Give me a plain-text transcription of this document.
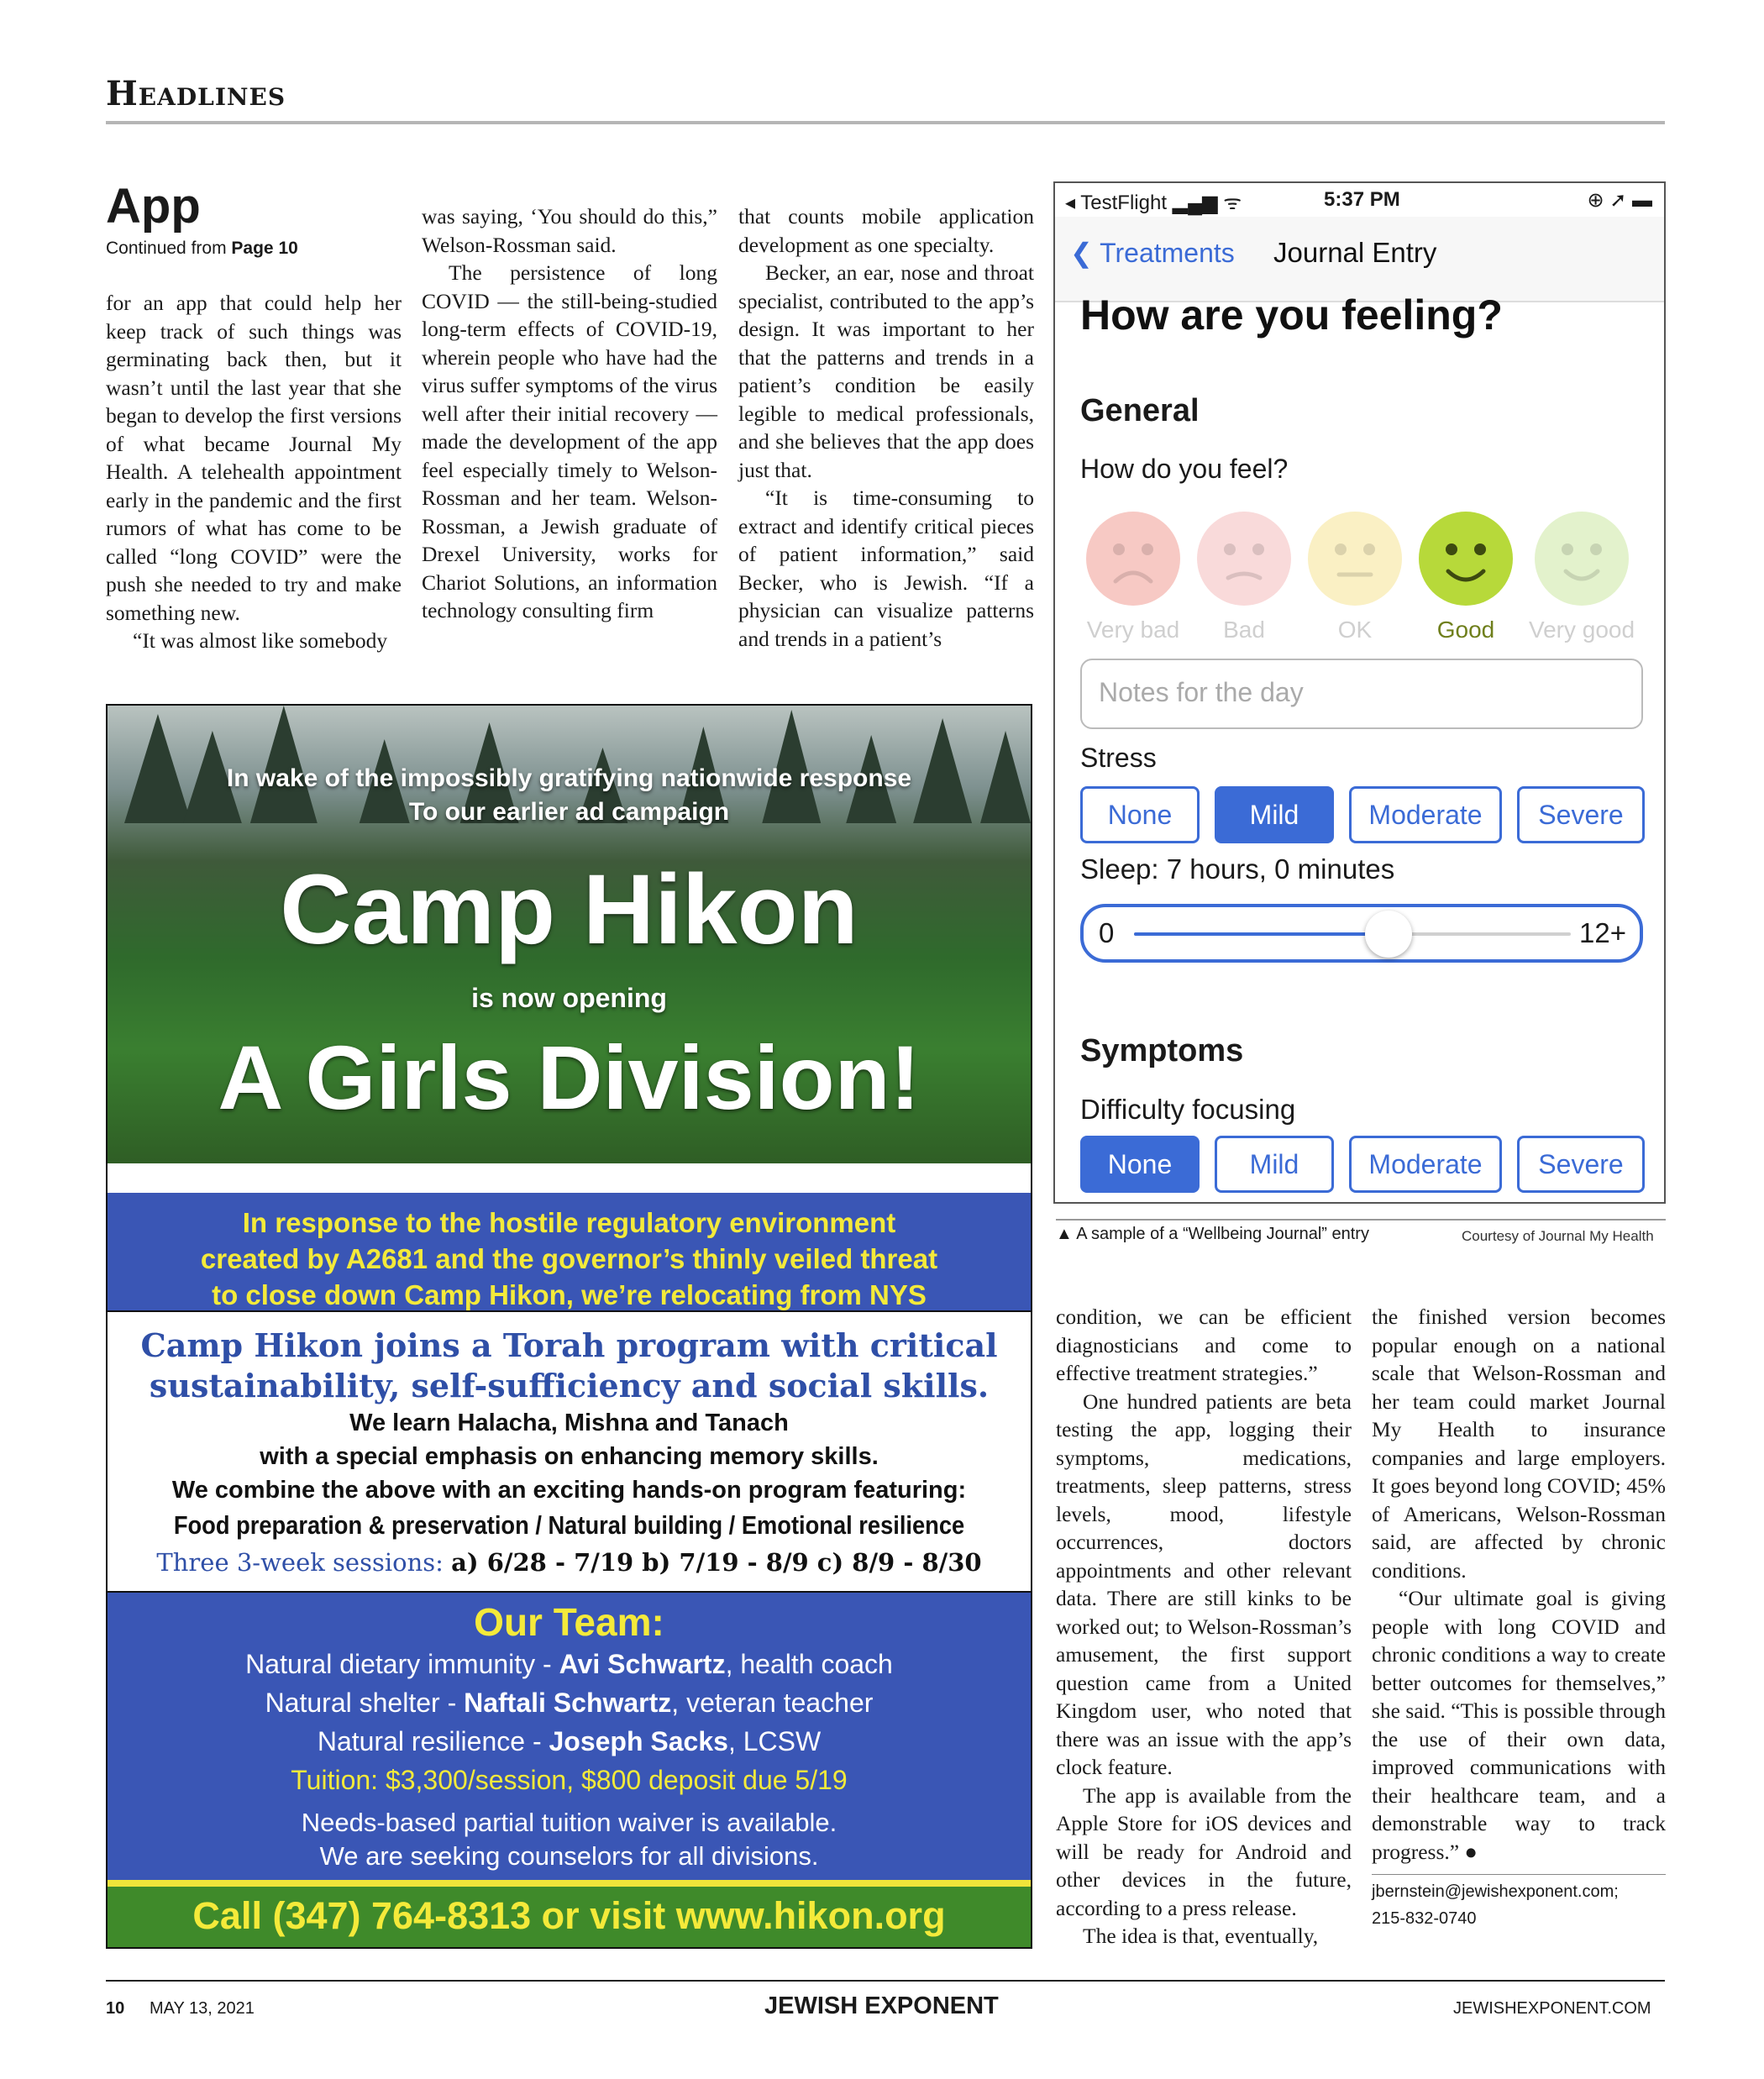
Headlines
App
Continued from Page 10

for an app that could help her keep track of such things was germinating back then, but it wasn’t until the last year that she began to develop the first versions of what became Journal My Health. A telehealth appointment early in the pandemic and the first rumors of what has come to be called “long COVID” were the push she needed to try and make something new.

“It was almost like somebody

was saying, ‘You should do this,” Welson-Rossman said.

The persistence of long COVID — the still-being-studied long-term effects of COVID-19, wherein people who have had the virus suffer symptoms of the virus well after their initial recovery — made the development of the app feel especially timely to Welson-Rossman and her team. Welson-Rossman, a Jewish graduate of Drexel University, works for Chariot Solutions, an information technology consulting firm

that counts mobile application development as one specialty.

Becker, an ear, nose and throat specialist, contributed to the app’s design. It was important to her that the patterns and trends in a patient’s condition be easily legible to medical professionals, and she believes that the app does just that.

“It is time-consuming to extract and identify critical pieces of patient information,” said Becker, who is Jewish. “If a physician can visualize patterns and trends in a patient’s

In wake of the impossibly gratifying nationwide response
To our earlier ad campaign
Camp Hikon
is now opening
A Girls Division!
In response to the hostile regulatory environment
created by A2681 and the governor’s thinly veiled threat
to close down Camp Hikon, we’re relocating from NYS
Camp Hikon joins a Torah program with critical
sustainability, self-sufficiency and social skills.
We learn Halacha, Mishna and Tanach
with a special emphasis on enhancing memory skills.
We combine the above with an exciting hands-on program featuring:
Food preparation & preservation / Natural building / Emotional resilience
Three 3-week sessions: a) 6/28 - 7/19 b) 7/19 - 8/9 c) 8/9 - 8/30
Our Team:
Natural dietary immunity - Avi Schwartz, health coach
Natural shelter - Naftali Schwartz, veteran teacher
Natural resilience - Joseph Sacks, LCSW
Tuition: $3,300/session, $800 deposit due 5/19
Needs-based partial tuition waiver is available.
We are seeking counselors for all divisions.
Call (347) 764-8313 or visit www.hikon.org
◂ TestFlight ▂▄▆ ᯤ	5:37 PM	⊕ ➚ ▬
❮ Treatments Journal Entry
How are you feeling?
General
How do you feel?
Very bad	Bad	OK	Good	Very good
Notes for the day
Stress
None	Mild	Moderate	Severe
Sleep: 7 hours, 0 minutes
0	12+
Symptoms
Difficulty focusing
None	Mild	Moderate	Severe
▲ A sample of a “Wellbeing Journal” entry	Courtesy of Journal My Health

condition, we can be efficient diagnosticians and come to effective treatment strategies.”

One hundred patients are beta testing the app, logging their symptoms, medications, treatments, sleep patterns, stress levels, mood, lifestyle occurrences, doctors appointments and other relevant data. There are still kinks to be worked out; to Welson-Rossman’s amusement, the first support question came from a United Kingdom user, who noted that there was an issue with the app’s clock feature.

The app is available from the Apple Store for iOS devices and will be ready for Android and other devices in the future, according to a press release.

The idea is that, eventually,

the finished version becomes popular enough on a national scale that Welson-Rossman and her team could market Journal My Health to insurance companies and large employers. It goes beyond long COVID; 45% of Americans, Welson-Rossman said, are affected by chronic conditions.

“Our ultimate goal is giving people with long COVID and chronic conditions a way to create better outcomes for themselves,” she said. “This is possible through the use of their own data, improved communications with their healthcare team, and a demonstrable way to track progress.” ●

jbernstein@jewishexponent.com;
215-832-0740
10 MAY 13, 2021	JEWISH EXPONENT	JEWISHEXPONENT.COM
